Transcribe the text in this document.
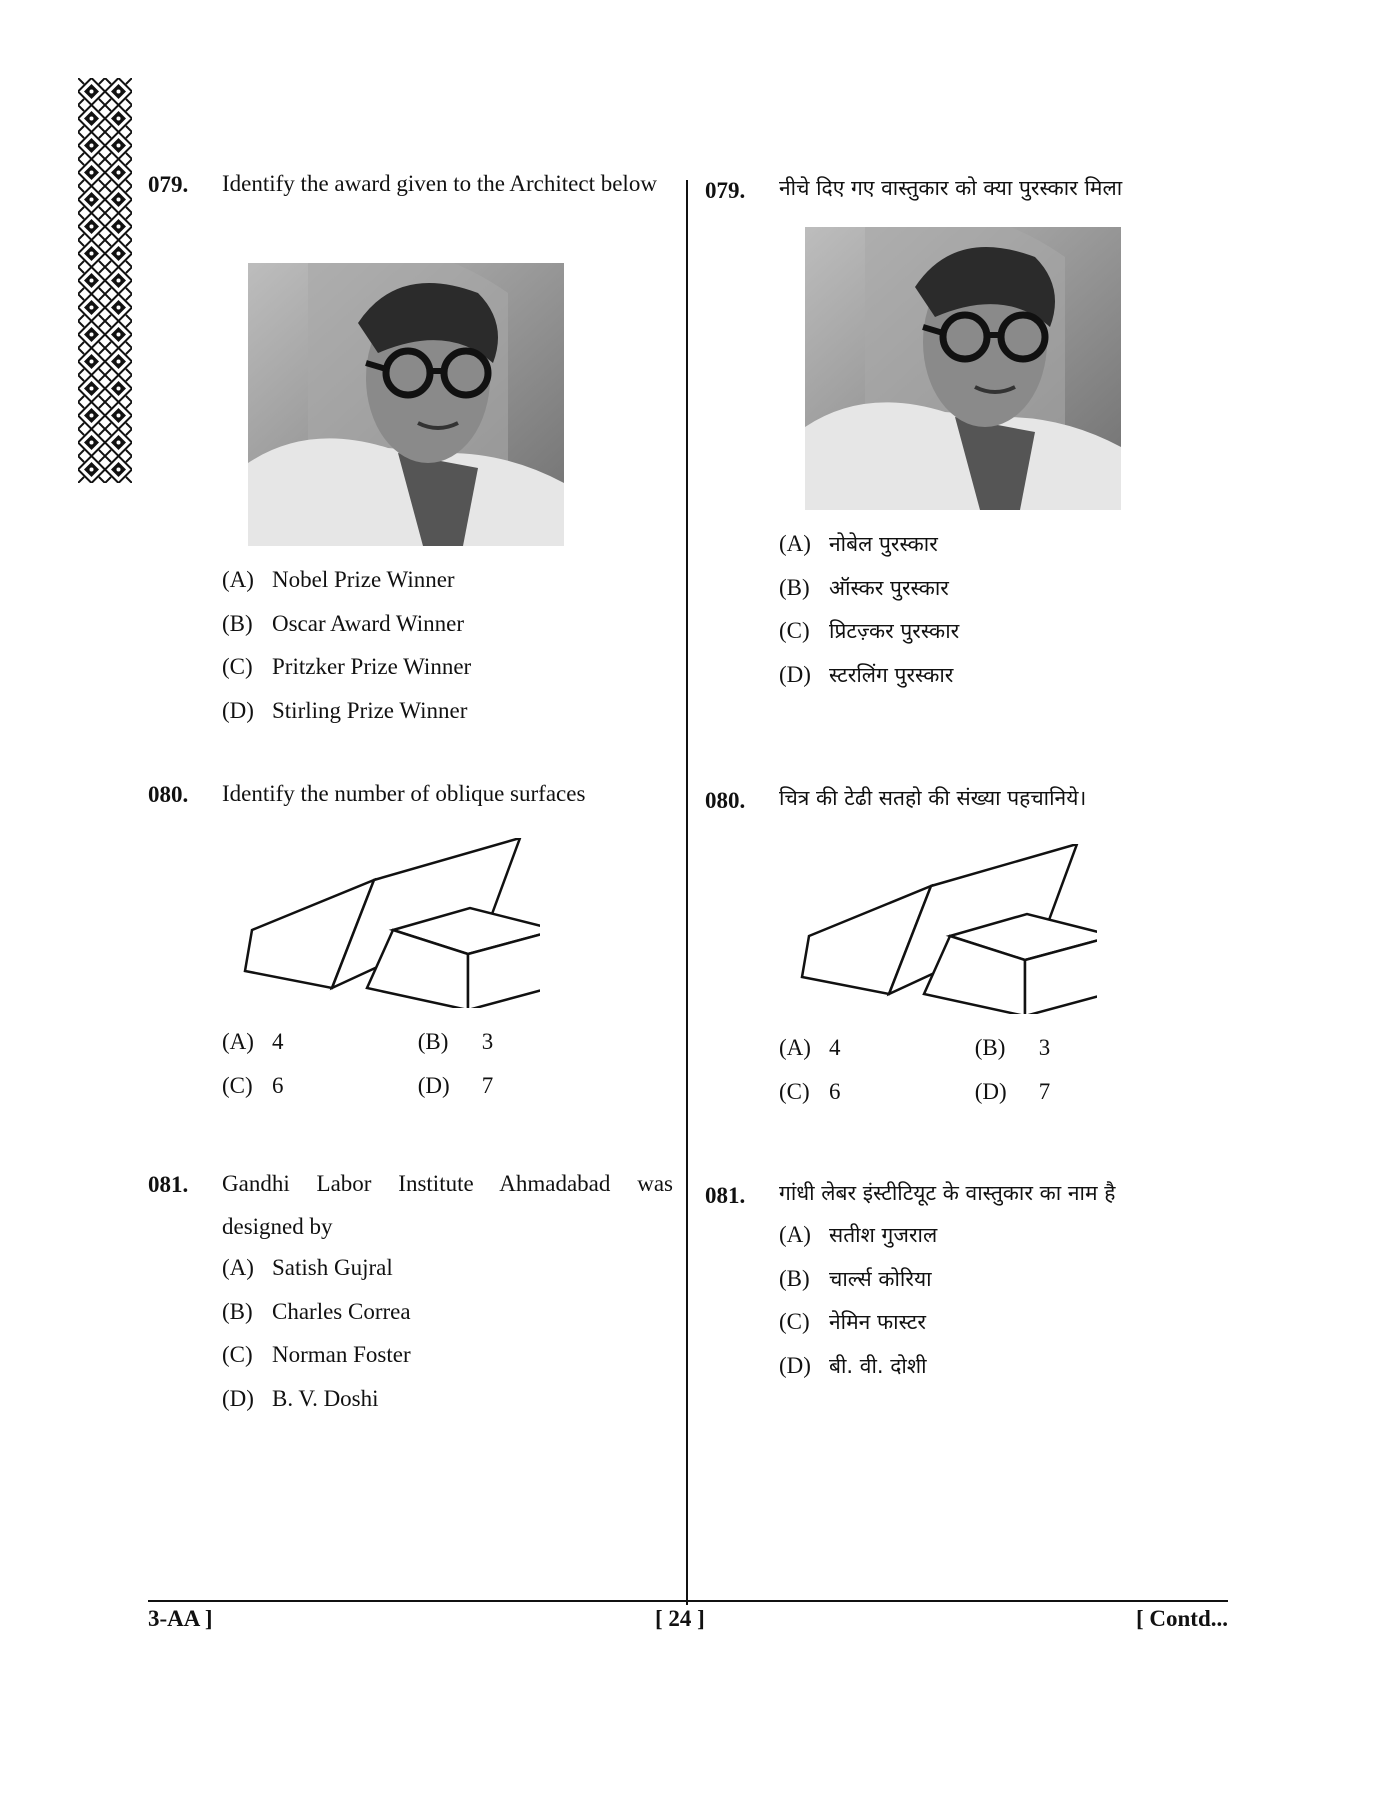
079. Identify the award given to the Architect below
(A) Nobel Prize Winner
(B) Oscar Award Winner
(C) Pritzker Prize Winner
(D) Stirling Prize Winner
080. Identify the number of oblique surfaces
(A) 4	(B) 3
(C) 6	(D) 7
081. Gandhi Labor Institute Ahmadabad was designed by
(A) Satish Gujral
(B) Charles Correa
(C) Norman Foster
(D) B. V. Doshi
079. नीचे दिए गए वास्तुकार को क्या पुरस्कार मिला
(A) नोबेल पुरस्कार
(B) ऑस्कर पुरस्कार
(C) प्रिटज़्कर पुरस्कार
(D) स्टरलिंग पुरस्कार
080. चित्र की टेढी सतहो की संख्या पहचानिये।
(A) 4	(B) 3
(C) 6	(D) 7
081. गांधी लेबर इंस्टीटियूट के वास्तुकार का नाम है
(A) सतीश गुजराल
(B) चार्ल्स कोरिया
(C) नेमिन फास्टर
(D) बी. वी. दोशी
3-AA ]	[ 24 ]	[ Contd...
